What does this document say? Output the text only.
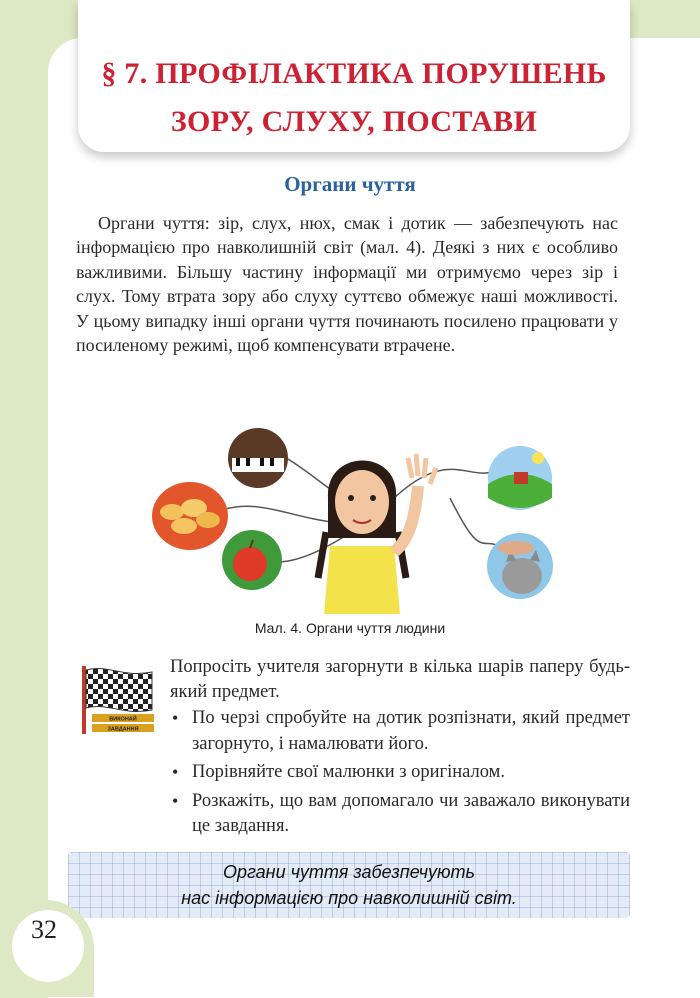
§ 7. ПРОФІЛАКТИКА ПОРУШЕНЬ
ЗОРУ, СЛУХУ, ПОСТАВИ
Органи чуття

Органи чуття: зір, слух, нюх, смак і дотик — забезпечують нас інформацією про навколишній світ (мал. 4). Деякі з них є особливо важливими. Більшу частину інформації ми отримуємо через зір і слух. Тому втрата зору або слуху суттєво обмежує наші можливості. У цьому випадку інші органи чуття починають посилено працювати у посиленому режимі, щоб компенсувати втрачене.

Мал. 4. Органи чуття людини
ВИКОНАЙ
ЗАВДАННЯ

Попросіть учителя загорнути в кілька шарів паперу будь-який предмет.

• По черзі спробуйте на дотик розпізнати, який предмет загорнуто, і намалювати його.
• Порівняйте свої малюнки з оригіналом.
• Розкажіть, що вам допомагало чи заважало виконувати це завдання.
Органи чуття забезпечують
нас інформацією про навколишній світ.
32
